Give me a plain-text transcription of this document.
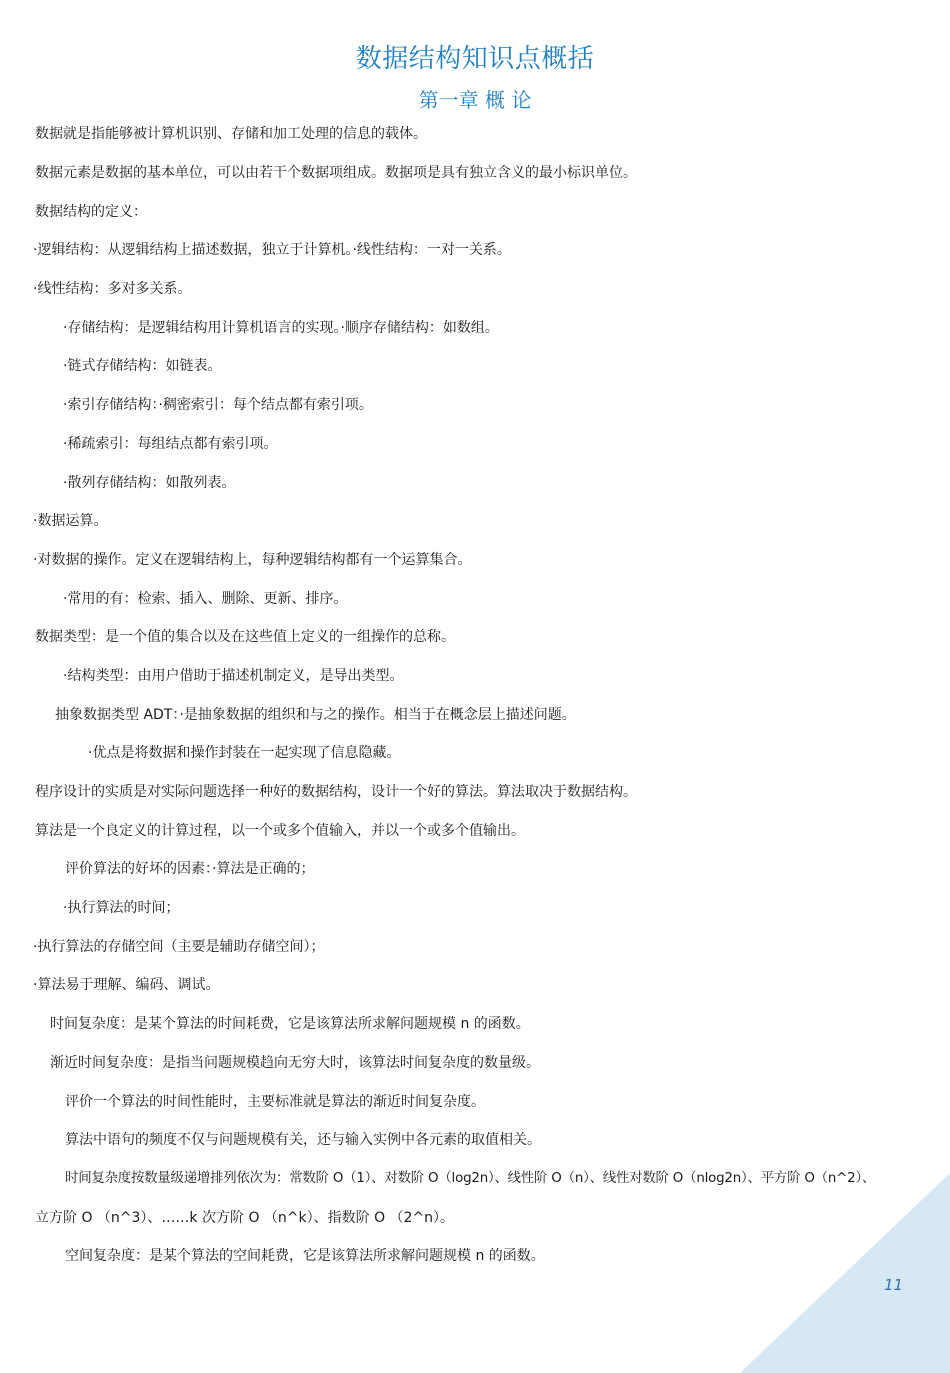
数据结构知识点概括
第一章 概 论
数据就是指能够被计算机识别、存储和加工处理的信息的载体。
数据元素是数据的基本单位，可以由若干个数据项组成。数据项是具有独立含义的最小标识单位。
数据结构的定义：
·逻辑结构：从逻辑结构上描述数据，独立于计算机。·线性结构：一对一关系。
·线性结构：多对多关系。
·存储结构：是逻辑结构用计算机语言的实现。·顺序存储结构：如数组。
·链式存储结构：如链表。
·索引存储结构：·稠密索引：每个结点都有索引项。
·稀疏索引：每组结点都有索引项。
·散列存储结构：如散列表。
·数据运算。
·对数据的操作。定义在逻辑结构上，每种逻辑结构都有一个运算集合。
·常用的有：检索、插入、删除、更新、排序。
数据类型：是一个值的集合以及在这些值上定义的一组操作的总称。
·结构类型：由用户借助于描述机制定义，是导出类型。
抽象数据类型 ADT：·是抽象数据的组织和与之的操作。相当于在概念层上描述问题。
·优点是将数据和操作封装在一起实现了信息隐藏。
程序设计的实质是对实际问题选择一种好的数据结构，设计一个好的算法。算法取决于数据结构。
算法是一个良定义的计算过程，以一个或多个值输入，并以一个或多个值输出。
评价算法的好坏的因素：·算法是正确的；
·执行算法的时间；
·执行算法的存储空间（主要是辅助存储空间）；
·算法易于理解、编码、调试。
时间复杂度：是某个算法的时间耗费，它是该算法所求解问题规模 n 的函数。
渐近时间复杂度：是指当问题规模趋向无穷大时，该算法时间复杂度的数量级。
评价一个算法的时间性能时，主要标准就是算法的渐近时间复杂度。
算法中语句的频度不仅与问题规模有关，还与输入实例中各元素的取值相关。
时间复杂度按数量级递增排列依次为：常数阶 O（1）、对数阶 O（log2n）、线性阶 O（n）、线性对数阶 O（nlog2n）、平方阶 O（n^2）、
立方阶 O （n^3）、……k 次方阶 O （n^k）、指数阶 O （2^n）。
空间复杂度：是某个算法的空间耗费，它是该算法所求解问题规模 n 的函数。
11
